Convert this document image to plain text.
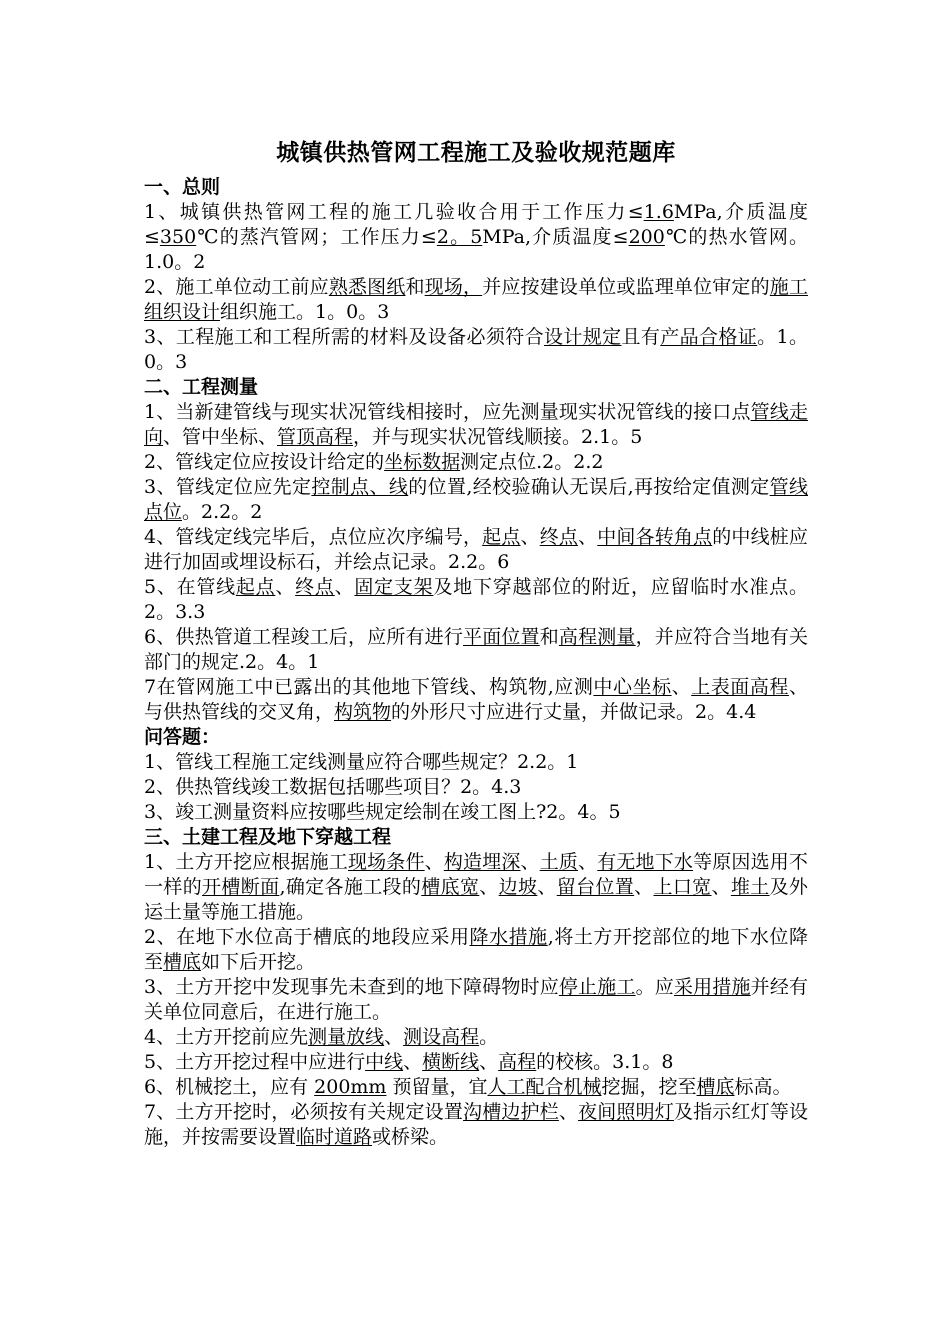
城镇供热管网工程施工及验收规范题库

一、总则

1、城镇供热管网工程的施工几验收合用于工作压力≤1.6MPa,介质温度≤350℃的蒸汽管网；工作压力≤2。5MPa,介质温度≤200℃的热水管网。1.0。2

2、施工单位动工前应熟悉图纸和现场，并应按建设单位或监理单位审定的施工组织设计组织施工。1。0。3

3、工程施工和工程所需的材料及设备必须符合设计规定且有产品合格证。1。0。3

二、工程测量

1、当新建管线与现实状况管线相接时，应先测量现实状况管线的接口点管线走向、管中坐标、管顶高程，并与现实状况管线顺接。2.1。5

2、管线定位应按设计给定的坐标数据测定点位.2。2.2

3、管线定位应先定控制点、线的位置,经校验确认无误后,再按给定值测定管线点位。2.2。2

4、管线定线完毕后，点位应次序编号，起点、终点、中间各转角点的中线桩应进行加固或埋设标石，并绘点记录。2.2。6

5、在管线起点、终点、固定支架及地下穿越部位的附近，应留临时水准点。2。3.3

6、供热管道工程竣工后，应所有进行平面位置和高程测量，并应符合当地有关部门的规定.2。4。1

7在管网施工中已露出的其他地下管线、构筑物,应测中心坐标、上表面高程、与供热管线的交叉角，构筑物的外形尺寸应进行丈量，并做记录。2。4.4

问答题：

1、管线工程施工定线测量应符合哪些规定？2.2。1

2、供热管线竣工数据包括哪些项目？2。4.3

3、竣工测量资料应按哪些规定绘制在竣工图上?2。4。5

三、土建工程及地下穿越工程

1、土方开挖应根据施工现场条件、构造埋深、土质、有无地下水等原因选用不一样的开槽断面,确定各施工段的槽底宽、边坡、留台位置、上口宽、堆土及外运土量等施工措施。

2、在地下水位高于槽底的地段应采用降水措施,将土方开挖部位的地下水位降至槽底如下后开挖。

3、土方开挖中发现事先未查到的地下障碍物时应停止施工。应采用措施并经有关单位同意后，在进行施工。

4、土方开挖前应先测量放线、测设高程。

5、土方开挖过程中应进行中线、横断线、高程的校核。3.1。8

6、机械挖土，应有 200mm 预留量，宜人工配合机械挖掘，挖至槽底标高。

7、土方开挖时，必须按有关规定设置沟槽边护栏、夜间照明灯及指示红灯等设施，并按需要设置临时道路或桥梁。
